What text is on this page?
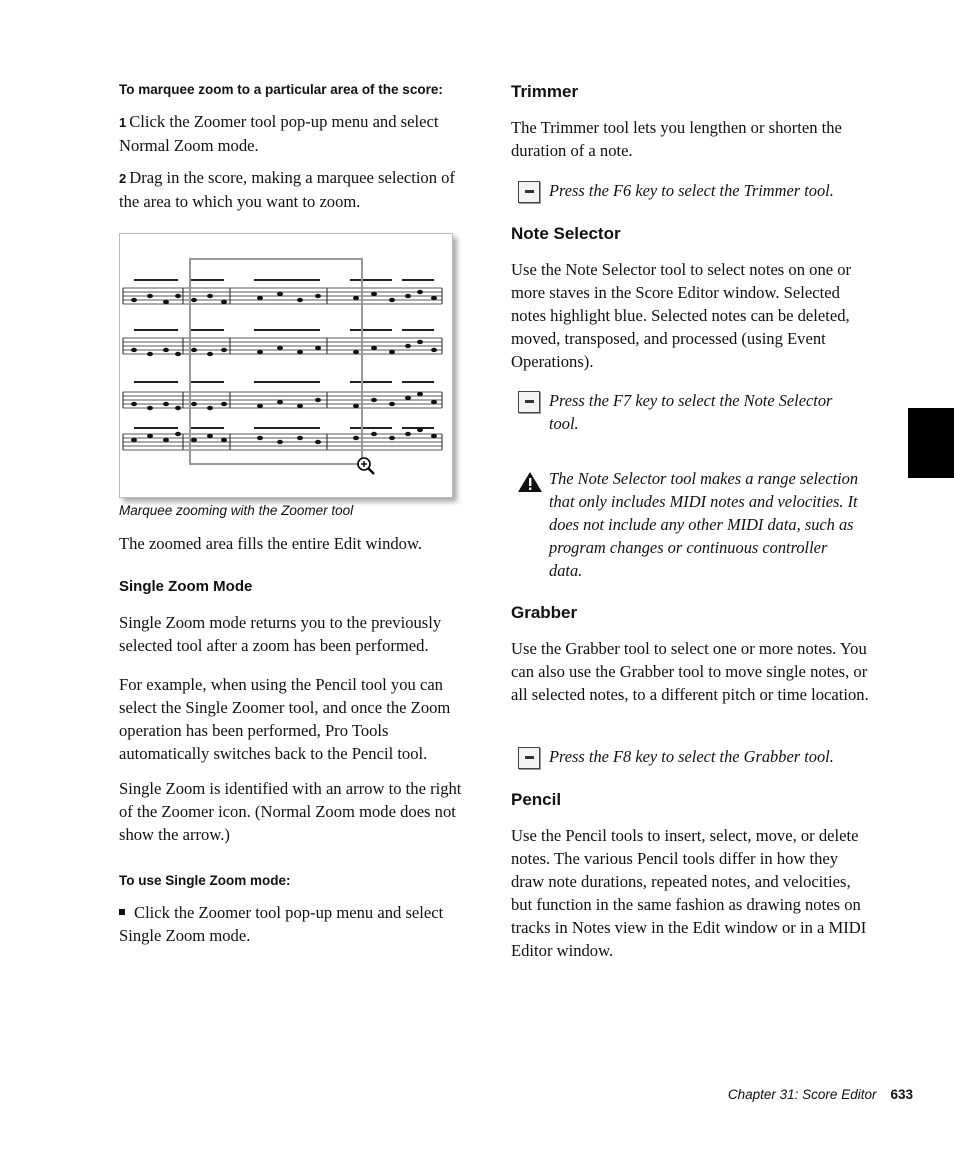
To marquee zoom to a particular area of the score:

1 Click the Zoomer tool pop-up menu and select Normal Zoom mode.

2 Drag in the score, making a marquee selection of the area to which you want to zoom.

Marquee zooming with the Zoomer tool

The zoomed area fills the entire Edit window.

Single Zoom Mode

Single Zoom mode returns you to the previously selected tool after a zoom has been performed.

For example, when using the Pencil tool you can select the Single Zoomer tool, and once the Zoom operation has been performed, Pro Tools automatically switches back to the Pencil tool.

Single Zoom is identified with an arrow to the right of the Zoomer icon. (Normal Zoom mode does not show the arrow.)

To use Single Zoom mode:

Click the Zoomer tool pop-up menu and select Single Zoom mode.

Trimmer

The Trimmer tool lets you lengthen or shorten the duration of a note.

Press the F6 key to select the Trimmer tool.

Note Selector

Use the Note Selector tool to select notes on one or more staves in the Score Editor window. Selected notes highlight blue. Selected notes can be deleted, moved, transposed, and processed (using Event Operations).

Press the F7 key to select the Note Selector tool.
The Note Selector tool makes a range selection that only includes MIDI notes and velocities. It does not include any other MIDI data, such as program changes or continuous controller data.

Grabber

Use the Grabber tool to select one or more notes. You can also use the Grabber tool to move single notes, or all selected notes, to a different pitch or time location.

Press the F8 key to select the Grabber tool.

Pencil

Use the Pencil tools to insert, select, move, or delete notes. The various Pencil tools differ in how they draw note durations, repeated notes, and velocities, but function in the same fashion as drawing notes on tracks in Notes view in the Edit window or in a MIDI Editor window.

Chapter 31: Score Editor 633
